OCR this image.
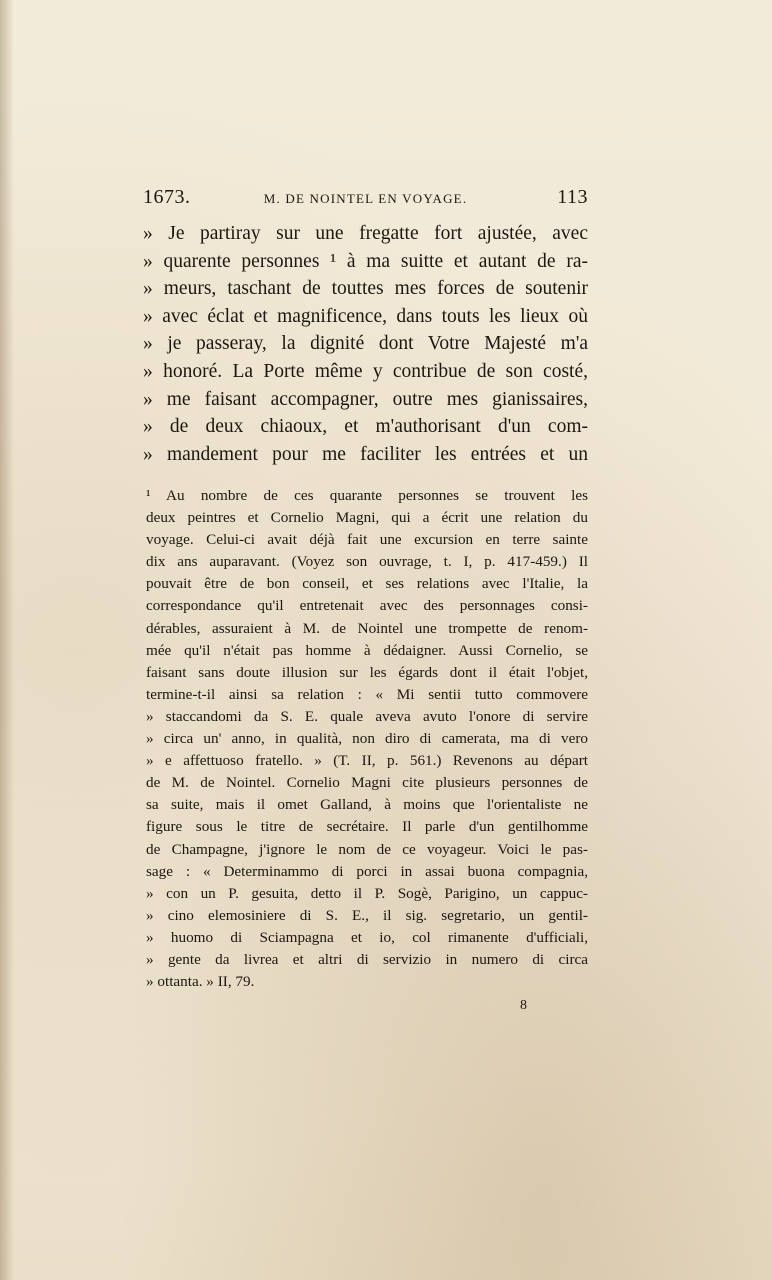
1673.	M. DE NOINTEL EN VOYAGE.	113
» Je partiray sur une fregatte fort ajustée, avec
» quarente personnes ¹ à ma suitte et autant de ra-
» meurs, taschant de touttes mes forces de soutenir
» avec éclat et magnificence, dans touts les lieux où
» je passeray, la dignité dont Votre Majesté m'a
» honoré. La Porte même y contribue de son costé,
» me faisant accompagner, outre mes gianissaires,
» de deux chiaoux, et m'authorisant d'un com-
» mandement pour me faciliter les entrées et un
¹ Au nombre de ces quarante personnes se trouvent les
deux peintres et Cornelio Magni, qui a écrit une relation du
voyage. Celui-ci avait déjà fait une excursion en terre sainte
dix ans auparavant. (Voyez son ouvrage, t. I, p. 417-459.) Il
pouvait être de bon conseil, et ses relations avec l'Italie, la
correspondance qu'il entretenait avec des personnages consi-
dérables, assuraient à M. de Nointel une trompette de renom-
mée qu'il n'était pas homme à dédaigner. Aussi Cornelio, se
faisant sans doute illusion sur les égards dont il était l'objet,
termine-t-il ainsi sa relation : « Mi sentii tutto commovere
» staccandomi da S. E. quale aveva avuto l'onore di servire
» circa un' anno, in qualità, non diro di camerata, ma di vero
» e affettuoso fratello. » (T. II, p. 561.) Revenons au départ
de M. de Nointel. Cornelio Magni cite plusieurs personnes de
sa suite, mais il omet Galland, à moins que l'orientaliste ne
figure sous le titre de secrétaire. Il parle d'un gentilhomme
de Champagne, j'ignore le nom de ce voyageur. Voici le pas-
sage : « Determinammo di porci in assai buona compagnia,
» con un P. gesuita, detto il P. Sogè, Parigino, un cappuc-
» cino elemosiniere di S. E., il sig. segretario, un gentil-
» huomo di Sciampagna et io, col rimanente d'ufficiali,
» gente da livrea et altri di servizio in numero di circa
» ottanta. » II, 79.
8
